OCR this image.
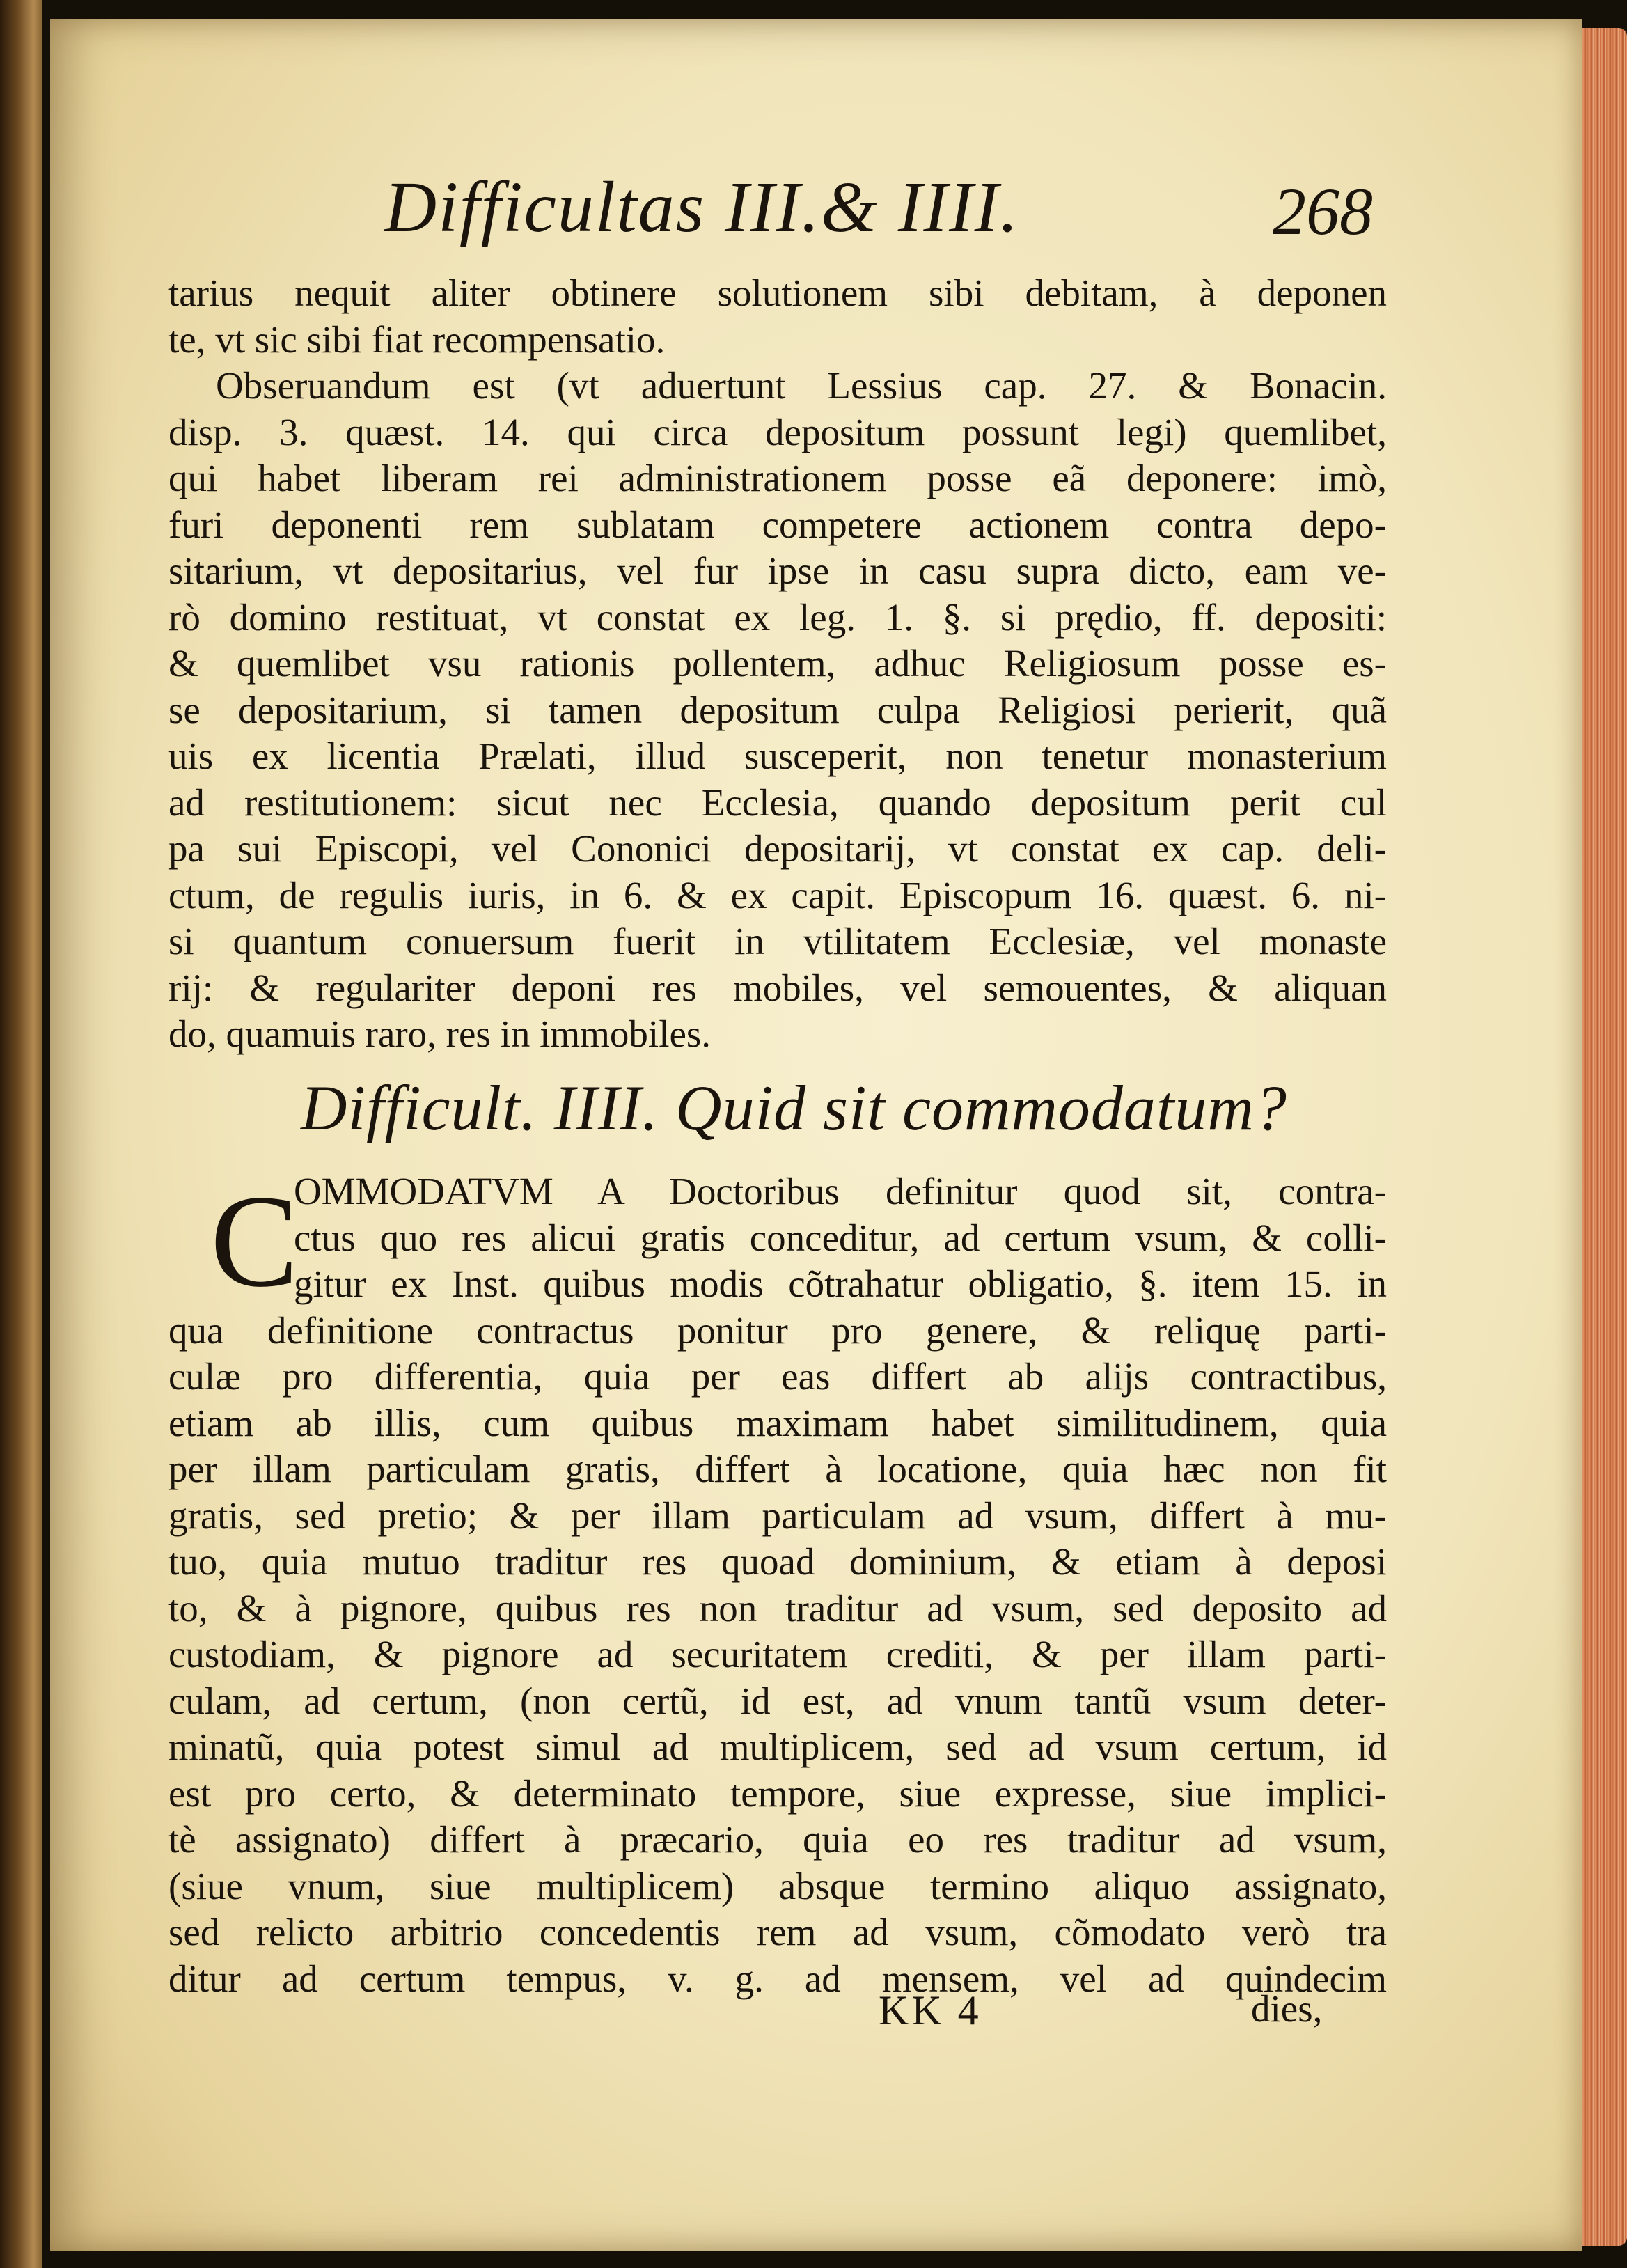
Difficultas III.& IIII.	268
tarius nequit aliter obtinere solutionem sibi debitam, à deponen
te, vt sic sibi fiat recompensatio.
Obseruandum est (vt aduertunt Lessius cap. 27. & Bonacin.
disp. 3. quæst. 14. qui circa depositum possunt legi) quemlibet,
qui habet liberam rei administrationem posse eã deponere: imò,
furi deponenti rem sublatam competere actionem contra depo-
sitarium, vt depositarius, vel fur ipse in casu supra dicto, eam ve-
rò domino restituat, vt constat ex leg. 1. §. si prędio, ff. depositi:
& quemlibet vsu rationis pollentem, adhuc Religiosum posse es-
se depositarium, si tamen depositum culpa Religiosi perierit, quã
uis ex licentia Prælati, illud susceperit, non tenetur monasterium
ad restitutionem: sicut nec Ecclesia, quando depositum perit cul
pa sui Episcopi, vel Cononici depositarij, vt constat ex cap. deli-
ctum, de regulis iuris, in 6. & ex capit. Episcopum 16. quæst. 6. ni-
si quantum conuersum fuerit in vtilitatem Ecclesiæ, vel monaste
rij: & regulariter deponi res mobiles, vel semouentes, & aliquan
do, quamuis raro, res in immobiles.
Difficult. IIII. Quid sit commodatum?
C
OMMODATVM A Doctoribus definitur quod sit, contra-
ctus quo res alicui gratis conceditur, ad certum vsum, & colli-
gitur ex Inst. quibus modis cõtrahatur obligatio, §. item 15. in
qua definitione contractus ponitur pro genere, & reliquę parti-
culæ pro differentia, quia per eas differt ab alijs contractibus,
etiam ab illis, cum quibus maximam habet similitudinem, quia
per illam particulam gratis, differt à locatione, quia hæc non fit
gratis, sed pretio; & per illam particulam ad vsum, differt à mu-
tuo, quia mutuo traditur res quoad dominium, & etiam à deposi
to, & à pignore, quibus res non traditur ad vsum, sed deposito ad
custodiam, & pignore ad securitatem crediti, & per illam parti-
culam, ad certum, (non certũ, id est, ad vnum tantũ vsum deter-
minatũ, quia potest simul ad multiplicem, sed ad vsum certum, id
est pro certo, & determinato tempore, siue expresse, siue implici-
tè assignato) differt à præcario, quia eo res traditur ad vsum,
(siue vnum, siue multiplicem) absque termino aliquo assignato,
sed relicto arbitrio concedentis rem ad vsum, cõmodato verò tra
ditur ad certum tempus, v. g. ad mensem, vel ad quindecim
KK 4	dies,
